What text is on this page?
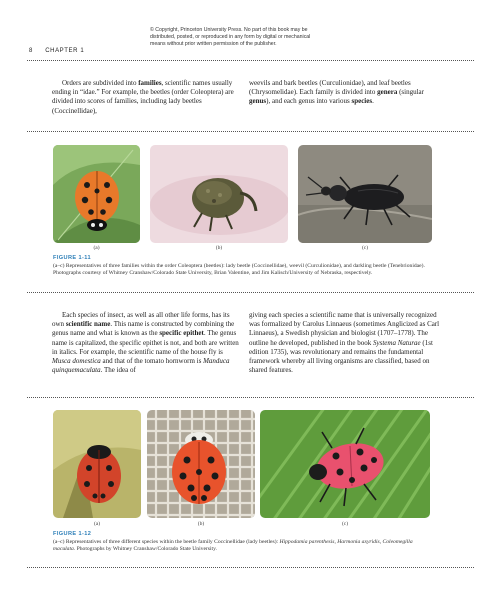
© Copyright, Princeton University Press. No part of this book may be
distributed, posted, or reproduced in any form by digital or mechanical
means without prior written permission of the publisher.
8 CHAPTER 1

Orders are subdivided into families, scientific names usually ending in “idae.” For example, the beetles (order Coleoptera) are divided into scores of families, including lady beetles (Coccinellidae),

weevils and bark beetles (Curculionidae), and leaf beetles (Chrysomelidae). Each family is divided into genera (singular genus), and each genus into various species.

(a)	(b)	(c)
FIGURE 1-11
(a–c) Representatives of three families within the order Coleoptera (beetles): lady beetle (Coccinellidae), weevil (Curculionidae), and darkling beetle (Tenebrionidae). Photographs courtesy of Whitney Cranshaw/Colorado State University, Brian Valentine, and Jim Kalisch/University of Nebraska, respectively.

Each species of insect, as well as all other life forms, has its own scientific name. This name is constructed by combining the genus name and what is known as the specific epithet. The genus name is capitalized, the specific epithet is not, and both are written in italics. For example, the scientific name of the house fly is Musca domestica and that of the tomato hornworm is Manduca quinquemaculata. The idea of

giving each species a scientific name that is universally recognized was formalized by Carolus Linnaeus (sometimes Anglicized as Carl Linnaeus), a Swedish physician and biologist (1707–1778). The outline he developed, published in the book Systema Naturae (1st edition 1735), was revolutionary and remains the fundamental framework whereby all living organisms are classified, based on shared features.

(a)	(b)	(c)
FIGURE 1-12
(a–c) Representatives of three different species within the beetle family Coccinellidae (lady beetles): Hippodamia parenthesis, Harmonia axyridis, Coleomegilla maculata. Photographs by Whitney Cranshaw/Colorado State University.
